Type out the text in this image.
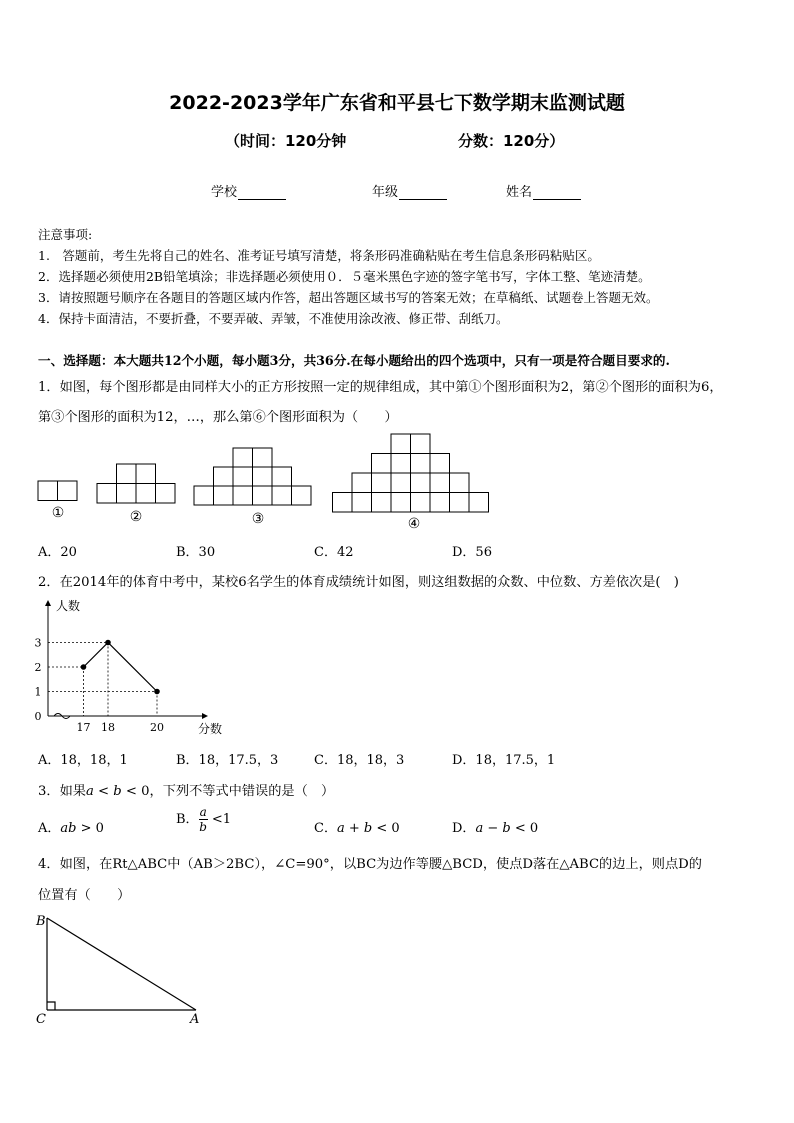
2022-2023学年广东省和平县七下数学期末监测试题
（时间：120分钟	分数：120分）
学校	年级	姓名
注意事项:
1.　答题前，考生先将自己的姓名、准考证号填写清楚，将条形码准确粘贴在考生信息条形码粘贴区。
2．选择题必须使用2B铅笔填涂；非选择题必须使用０．５毫米黑色字迹的签字笔书写，字体工整、笔迹清楚。
3．请按照题号顺序在各题目的答题区域内作答，超出答题区域书写的答案无效；在草稿纸、试题卷上答题无效。
4．保持卡面清洁，不要折叠，不要弄破、弄皱，不准使用涂改液、修正带、刮纸刀。
一、选择题：本大题共12个小题，每小题3分，共36分.在每小题给出的四个选项中，只有一项是符合题目要求的.
1．如图，每个图形都是由同样大小的正方形按照一定的规律组成，其中第①个图形面积为2，第②个图形的面积为6，
第③个图形的面积为12，…，那么第⑥个图形面积为（　　）
①	②	③	④
A．20	B．30	C．42	D．56
2．在2014年的体育中考中，某校6名学生的体育成绩统计如图，则这组数据的众数、中位数、方差依次是(　)
0
1
2
3
17 18	20
人数
分数
A．18，18，1	B．18，17.5，3	C．18，18，3	D．18，17.5，1
3．如果a < b < 0，下列不等式中错误的是（　）
A．ab > 0
B． $\frac{a}{b} <1$
C．a + b < 0	D．a − b < 0
4．如图，在Rt△ABC中（AB＞2BC），∠C=90°，以BC为边作等腰△BCD，使点D落在△ABC的边上，则点D的
位置有（　　）
B
C	A
